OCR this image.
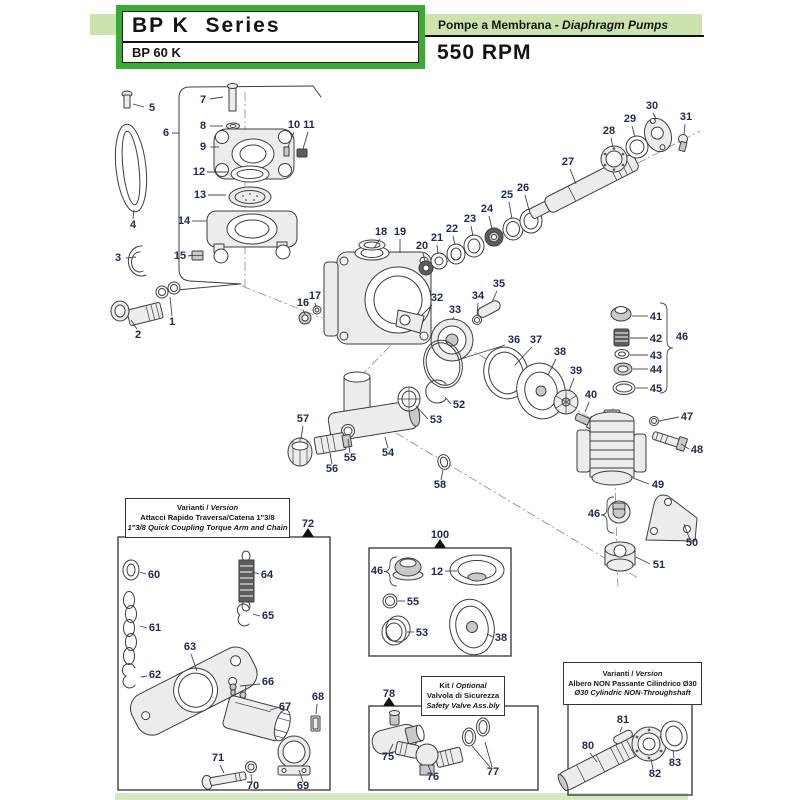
BP K  Series
BP 60 K
Pompe a Membrana - Diaphragm Pumps
550 RPM
Varianti / Version
Attacci Rapido Traversa/Catena 1"3/8
1"3/8 Quick Coupling Torque Arm and Chain
Kit / Optional
Valvola di Sicurezza
Safety Valve Ass.bly
Varianti / Version
Albero NON Passante Cilindrico Ø30
Ø30 Cylindric NON-Throughshaft
5
7
8
9
10 11
12
13
14
15
6
4
3
1
2
16
17
18 19
20
21
22
23
24
25
26
27
28
29
30
31
32
33
34
35
36 37
38
39
40
41
42
43
44
45
46
47
48
49
50
46
51
52
53
54
55
56
57
58
72
60
61
62
63
64
65
66
67
68
69
70
71
100
46	12
55
53	38
78
75
76	77
81
80
82
83
